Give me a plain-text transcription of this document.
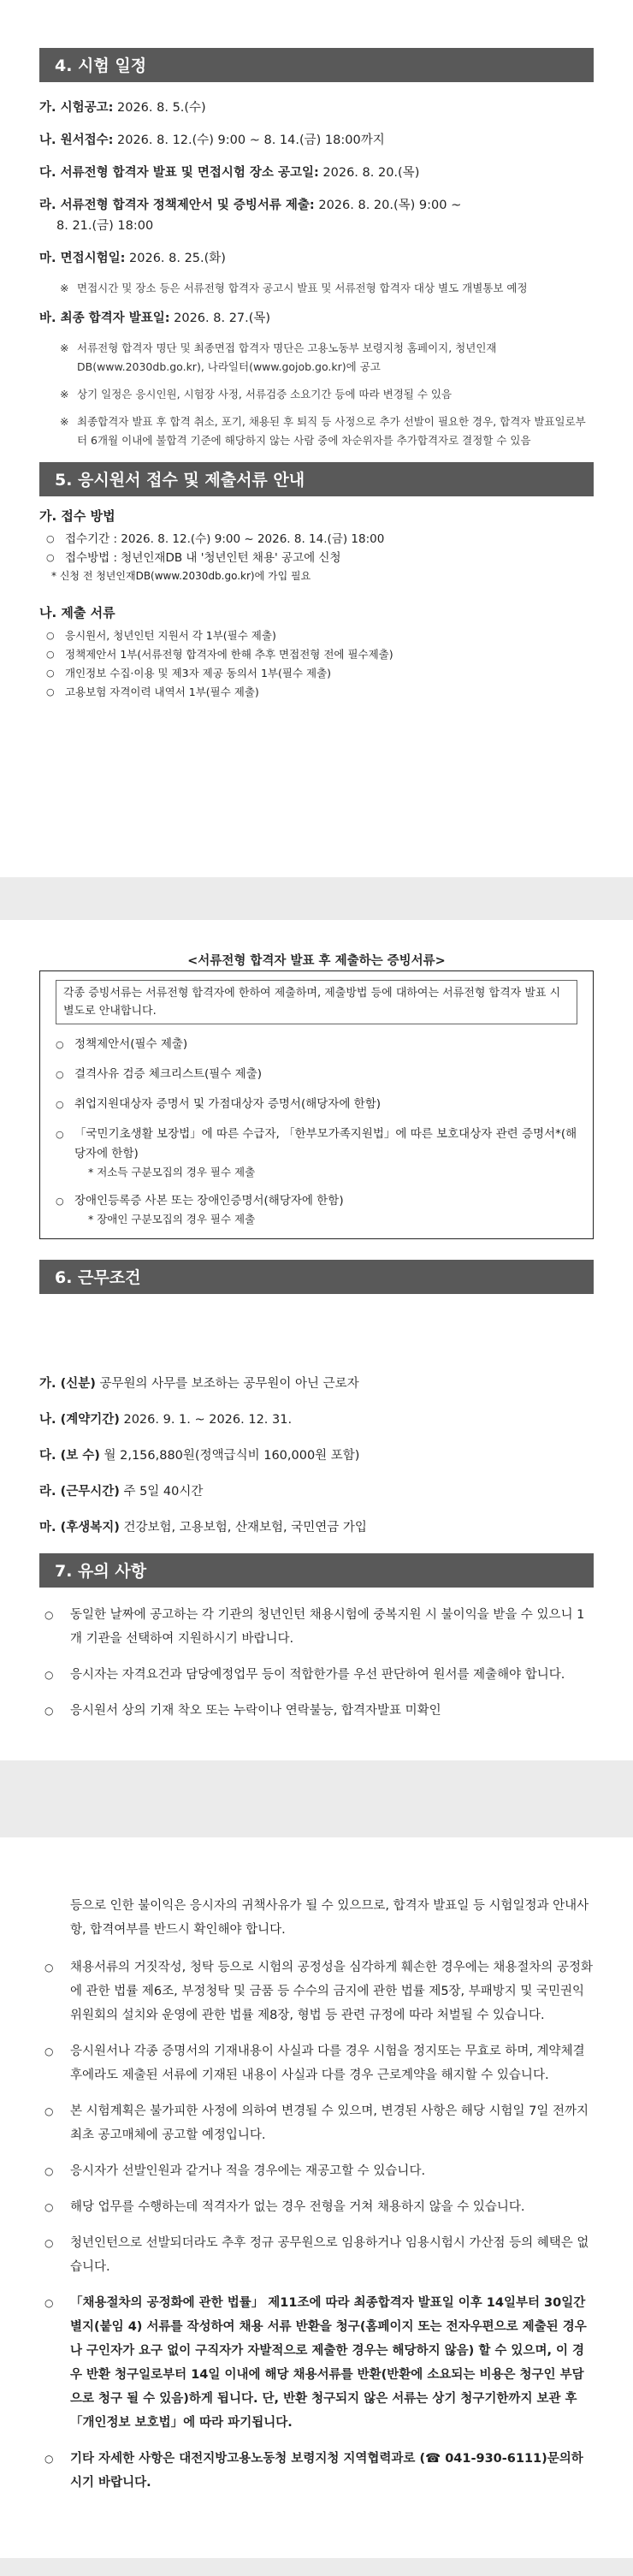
4. 시험 일정
가. 시험공고: 2026. 8. 5.(수)
나. 원서접수: 2026. 8. 12.(수) 9:00 ~ 8. 14.(금) 18:00까지
다. 서류전형 합격자 발표 및 면접시험 장소 공고일: 2026. 8. 20.(목)
라. 서류전형 합격자 정책제안서 및 증빙서류 제출: 2026. 8. 20.(목) 9:00 ~
8. 21.(금) 18:00
마. 면접시험일: 2026. 8. 25.(화)
※ 면접시간 및 장소 등은 서류전형 합격자 공고시 발표 및 서류전형 합격자 대상 별도 개별통보 예정
바. 최종 합격자 발표일: 2026. 8. 27.(목)
※ 서류전형 합격자 명단 및 최종면접 합격자 명단은 고용노동부 보령지청 홈페이지, 청년인재DB(www.2030db.go.kr), 나라일터(www.gojob.go.kr)에 공고
※ 상기 일정은 응시인원, 시험장 사정, 서류검증 소요기간 등에 따라 변경될 수 있음
※ 최종합격자 발표 후 합격 취소, 포기, 채용된 후 퇴직 등 사정으로 추가 선발이 필요한 경우, 합격자 발표일로부터 6개월 이내에 불합격 기준에 해당하지 않는 사람 중에 차순위자를 추가합격자로 결정할 수 있음
5. 응시원서 접수 및 제출서류 안내
가. 접수 방법
○ 접수기간 : 2026. 8. 12.(수) 9:00 ~ 2026. 8. 14.(금) 18:00
○ 접수방법 : 청년인재DB 내 '청년인턴 채용' 공고에 신청
* 신청 전 청년인재DB(www.2030db.go.kr)에 가입 필요
나. 제출 서류
○ 응시원서, 청년인턴 지원서 각 1부(필수 제출)
○ 정책제안서 1부(서류전형 합격자에 한해 추후 면접전형 전에 필수제출)
○ 개인정보 수집·이용 및 제3자 제공 동의서 1부(필수 제출)
○ 고용보험 자격이력 내역서 1부(필수 제출)
<서류전형 합격자 발표 후 제출하는 증빙서류>
각종 증빙서류는 서류전형 합격자에 한하여 제출하며, 제출방법 등에 대하여는 서류전형 합격자 발표 시 별도로 안내합니다.
○ 정책제안서(필수 제출)
○ 결격사유 검증 체크리스트(필수 제출)
○ 취업지원대상자 증명서 및 가점대상자 증명서(해당자에 한함)
○ 「국민기초생활 보장법」에 따른 수급자, 「한부모가족지원법」에 따른 보호대상자 관련 증명서*(해당자에 한함)
* 저소득 구분모집의 경우 필수 제출
○ 장애인등록증 사본 또는 장애인증명서(해당자에 한함)
* 장애인 구분모집의 경우 필수 제출
6. 근무조건
가. (신분) 공무원의 사무를 보조하는 공무원이 아닌 근로자
나. (계약기간) 2026. 9. 1. ~ 2026. 12. 31.
다. (보 수) 월 2,156,880원(정액급식비 160,000원 포함)
라. (근무시간) 주 5일 40시간
마. (후생복지) 건강보험, 고용보험, 산재보험, 국민연금 가입
7. 유의 사항
○ 동일한 날짜에 공고하는 각 기관의 청년인턴 채용시험에 중복지원 시 불이익을 받을 수 있으니 1개 기관을 선택하여 지원하시기 바랍니다.
○ 응시자는 자격요건과 담당예정업무 등이 적합한가를 우선 판단하여 원서를 제출해야 합니다.
○ 응시원서 상의 기재 착오 또는 누락이나 연락불능, 합격자발표 미확인
등으로 인한 불이익은 응시자의 귀책사유가 될 수 있으므로, 합격자 발표일 등 시험일정과 안내사항, 합격여부를 반드시 확인해야 합니다.
○ 채용서류의 거짓작성, 청탁 등으로 시험의 공정성을 심각하게 훼손한 경우에는 채용절차의 공정화에 관한 법률 제6조, 부정청탁 및 금품 등 수수의 금지에 관한 법률 제5장, 부패방지 및 국민권익위원회의 설치와 운영에 관한 법률 제8장, 형법 등 관련 규정에 따라 처벌될 수 있습니다.
○ 응시원서나 각종 증명서의 기재내용이 사실과 다를 경우 시험을 정지또는 무효로 하며, 계약체결 후에라도 제출된 서류에 기재된 내용이 사실과 다를 경우 근로계약을 해지할 수 있습니다.
○ 본 시험계획은 불가피한 사정에 의하여 변경될 수 있으며, 변경된 사항은 해당 시험일 7일 전까지 최초 공고매체에 공고할 예정입니다.
○ 응시자가 선발인원과 같거나 적을 경우에는 재공고할 수 있습니다.
○ 해당 업무를 수행하는데 적격자가 없는 경우 전형을 거쳐 채용하지 않을 수 있습니다.
○ 청년인턴으로 선발되더라도 추후 정규 공무원으로 임용하거나 임용시험시 가산점 등의 혜택은 없습니다.
○ 「채용절차의 공정화에 관한 법률」 제11조에 따라 최종합격자 발표일 이후 14일부터 30일간 별지(붙임 4) 서류를 작성하여 채용 서류 반환을 청구(홈페이지 또는 전자우편으로 제출된 경우나 구인자가 요구 없이 구직자가 자발적으로 제출한 경우는 해당하지 않음) 할 수 있으며, 이 경우 반환 청구일로부터 14일 이내에 해당 채용서류를 반환(반환에 소요되는 비용은 청구인 부담으로 청구 될 수 있음)하게 됩니다. 단, 반환 청구되지 않은 서류는 상기 청구기한까지 보관 후 「개인정보 보호법」에 따라 파기됩니다.
○ 기타 자세한 사항은 대전지방고용노동청 보령지청 지역협력과로 (☎ 041-930-6111)문의하시기 바랍니다.
